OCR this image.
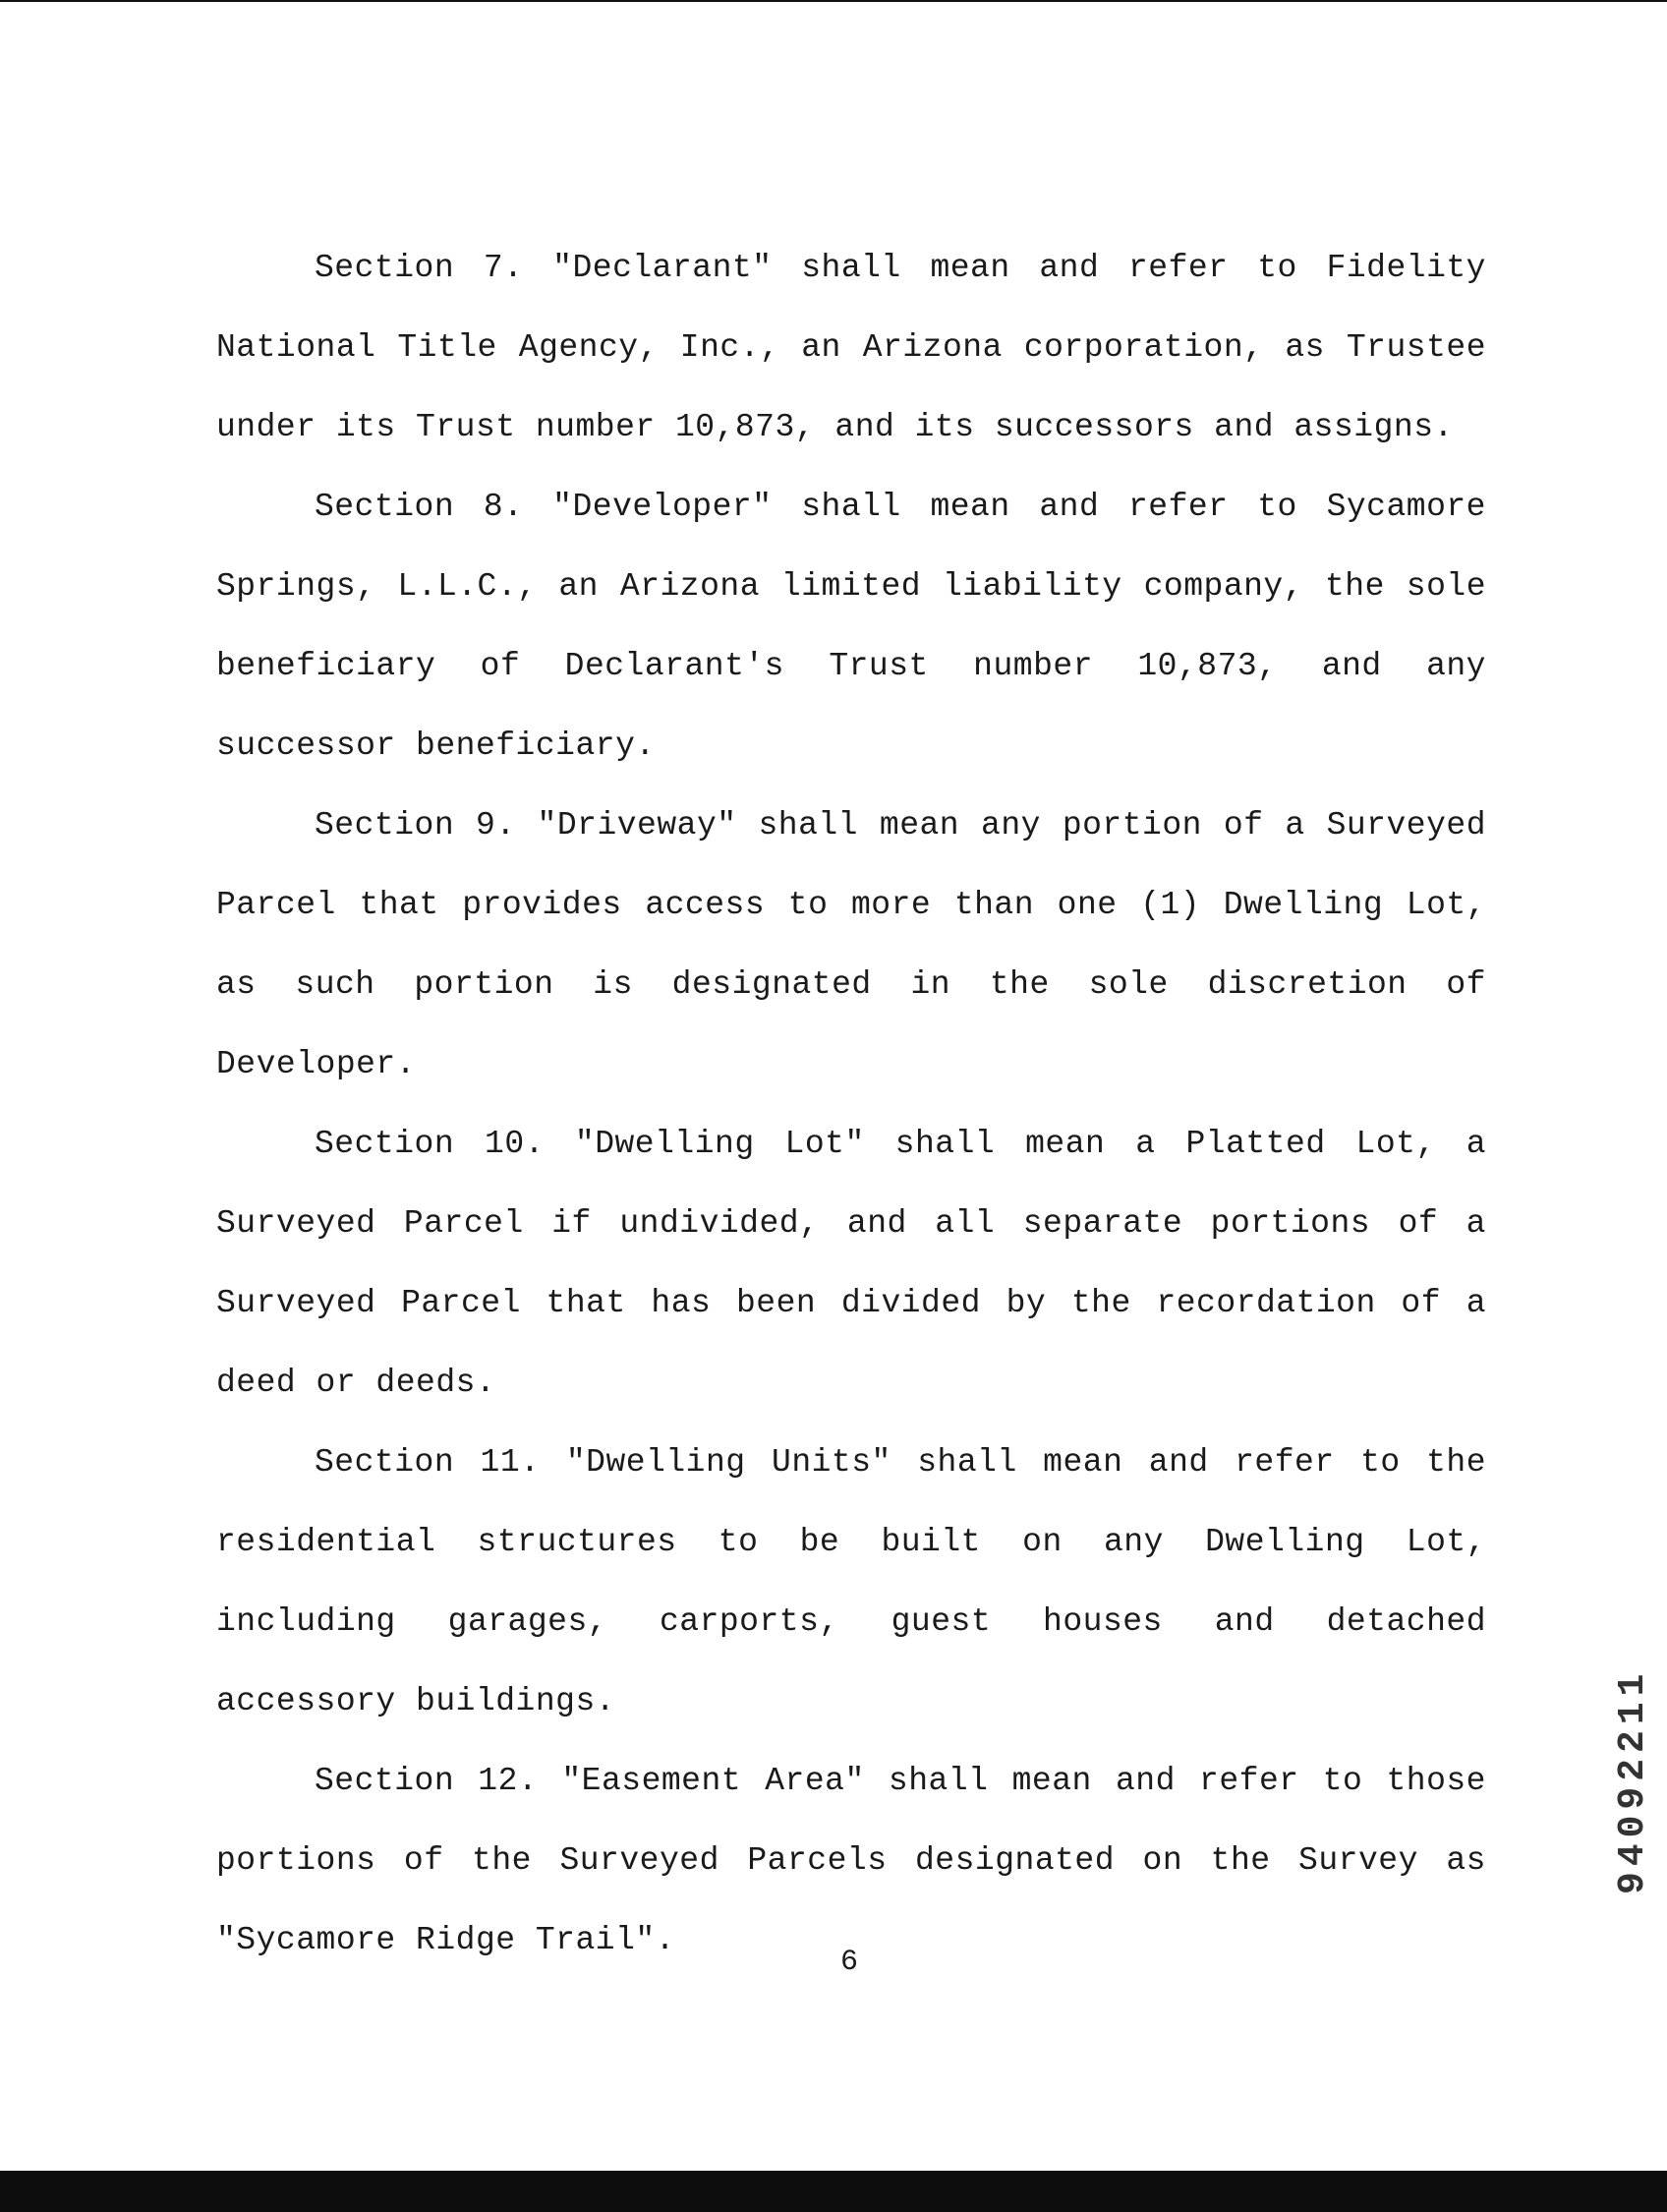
Section 7. "Declarant" shall mean and refer to Fidelity National Title Agency, Inc., an Arizona corporation, as Trustee under its Trust number 10,873, and its successors and assigns.

Section 8. "Developer" shall mean and refer to Sycamore Springs, L.L.C., an Arizona limited liability company, the sole beneficiary of Declarant's Trust number 10,873, and any successor beneficiary.

Section 9. "Driveway" shall mean any portion of a Surveyed Parcel that provides access to more than one (1) Dwelling Lot, as such portion is designated in the sole discretion of Developer.

Section 10. "Dwelling Lot" shall mean a Platted Lot, a Surveyed Parcel if undivided, and all separate portions of a Surveyed Parcel that has been divided by the recordation of a deed or deeds.

Section 11. "Dwelling Units" shall mean and refer to the residential structures to be built on any Dwelling Lot, including garages, carports, guest houses and detached accessory buildings.

Section 12. "Easement Area" shall mean and refer to those portions of the Surveyed Parcels designated on the Survey as "Sycamore Ridge Trail".

94092211
6
